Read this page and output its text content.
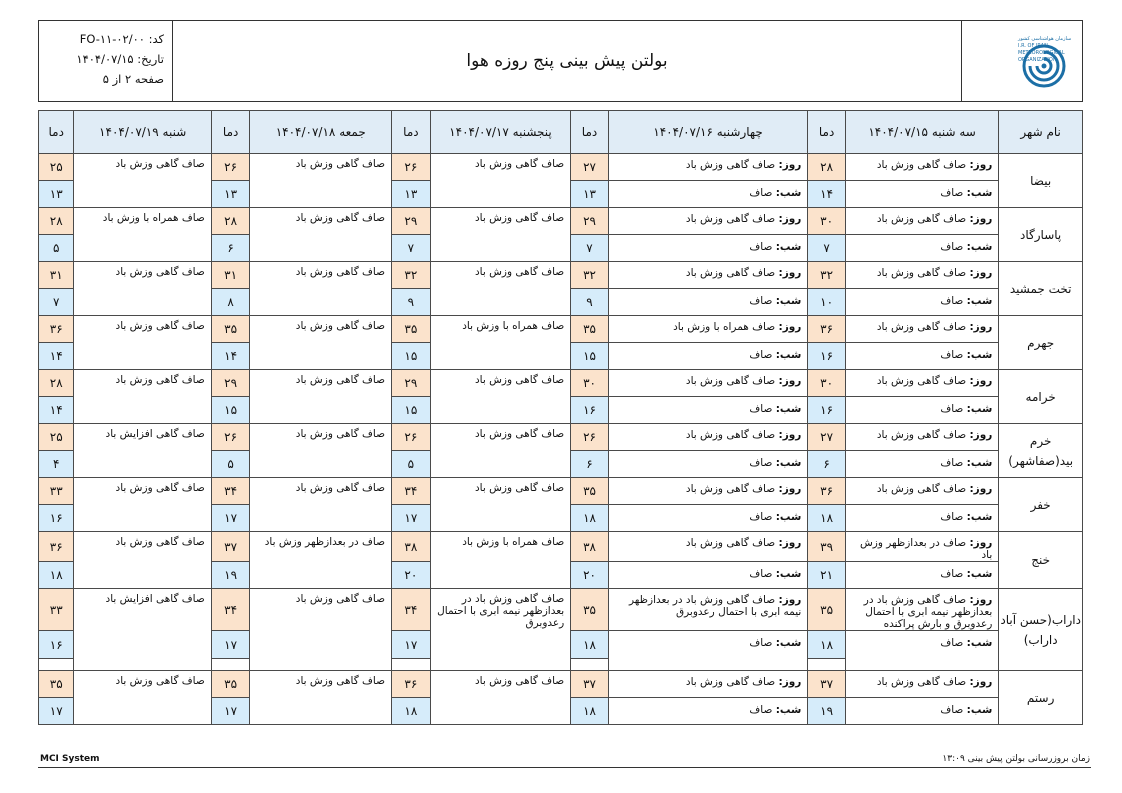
سازمان هواشناسی کشور
I.R. OF IRAN
METEOROLOGICAL
ORGANIZATION
بولتن پیش بینی پنج روزه هوا
کد: FO-۱۱-۰۲/۰۰
تاریخ: ۱۴۰۴/۰۷/۱۵
صفحه ۲ از ۵
نام شهر	سه شنبه ۱۴۰۴/۰۷/۱۵	دما	چهارشنبه ۱۴۰۴/۰۷/۱۶	دما	پنجشنبه ۱۴۰۴/۰۷/۱۷	دما	جمعه ۱۴۰۴/۰۷/۱۸	دما	شنبه ۱۴۰۴/۰۷/۱۹	دما
بیضا	روز: صاف گاهی وزش باد	۲۸	روز: صاف گاهی وزش باد	۲۷	صاف گاهی وزش باد	۲۶	صاف گاهی وزش باد	۲۶	صاف گاهی وزش باد	۲۵
	شب: صاف	۱۴	شب: صاف	۱۳		۱۳		۱۳		۱۳
پاسارگاد	روز: صاف گاهی وزش باد	۳۰	روز: صاف گاهی وزش باد	۲۹	صاف گاهی وزش باد	۲۹	صاف گاهی وزش باد	۲۸	صاف همراه با وزش باد	۲۸
	شب: صاف	۷	شب: صاف	۷		۷		۶		۵
تخت جمشید	روز: صاف گاهی وزش باد	۳۲	روز: صاف گاهی وزش باد	۳۲	صاف گاهی وزش باد	۳۲	صاف گاهی وزش باد	۳۱	صاف گاهی وزش باد	۳۱
	شب: صاف	۱۰	شب: صاف	۹		۹		۸		۷
جهرم	روز: صاف گاهی وزش باد	۳۶	روز: صاف همراه با وزش باد	۳۵	صاف همراه با وزش باد	۳۵	صاف گاهی وزش باد	۳۵	صاف گاهی وزش باد	۳۶
	شب: صاف	۱۶	شب: صاف	۱۵		۱۵		۱۴		۱۴
خرامه	روز: صاف گاهی وزش باد	۳۰	روز: صاف گاهی وزش باد	۳۰	صاف گاهی وزش باد	۲۹	صاف گاهی وزش باد	۲۹	صاف گاهی وزش باد	۲۸
	شب: صاف	۱۶	شب: صاف	۱۶		۱۵		۱۵		۱۴
خرم بید(صفاشهر)	روز: صاف گاهی وزش باد	۲۷	روز: صاف گاهی وزش باد	۲۶	صاف گاهی وزش باد	۲۶	صاف گاهی وزش باد	۲۶	صاف گاهی افزایش باد	۲۵
	شب: صاف	۶	شب: صاف	۶		۵		۵		۴
خفر	روز: صاف گاهی وزش باد	۳۶	روز: صاف گاهی وزش باد	۳۵	صاف گاهی وزش باد	۳۴	صاف گاهی وزش باد	۳۴	صاف گاهی وزش باد	۳۳
	شب: صاف	۱۸	شب: صاف	۱۸		۱۷		۱۷		۱۶
خنج	روز: صاف در بعدازظهر وزش باد	۳۹	روز: صاف گاهی وزش باد	۳۸	صاف همراه با وزش باد	۳۸	صاف در بعدازظهر وزش باد	۳۷	صاف گاهی وزش باد	۳۶
	شب: صاف	۲۱	شب: صاف	۲۰		۲۰		۱۹		۱۸
داراب(حسن آباد داراب)	روز: صاف گاهی وزش باد در بعدازظهر نیمه ابری با احتمال رعدوبرق و بارش پراکنده	۳۵	روز: صاف گاهی وزش باد در بعدازظهر نیمه ابری با احتمال رعدوبرق	۳۵	صاف گاهی وزش باد در بعدازظهر نیمه ابری با احتمال رعدوبرق	۳۴	صاف گاهی وزش باد	۳۴	صاف گاهی افزایش باد	۳۳
	شب: صاف	۱۸	شب: صاف	۱۸		۱۷		۱۷		۱۶

رستم	روز: صاف گاهی وزش باد	۳۷	روز: صاف گاهی وزش باد	۳۷	صاف گاهی وزش باد	۳۶	صاف گاهی وزش باد	۳۵	صاف گاهی وزش باد	۳۵
	شب: صاف	۱۹	شب: صاف	۱۸		۱۸		۱۷		۱۷
MCI System	زمان بروزرسانی بولتن پیش بینی ۱۳:۰۹
